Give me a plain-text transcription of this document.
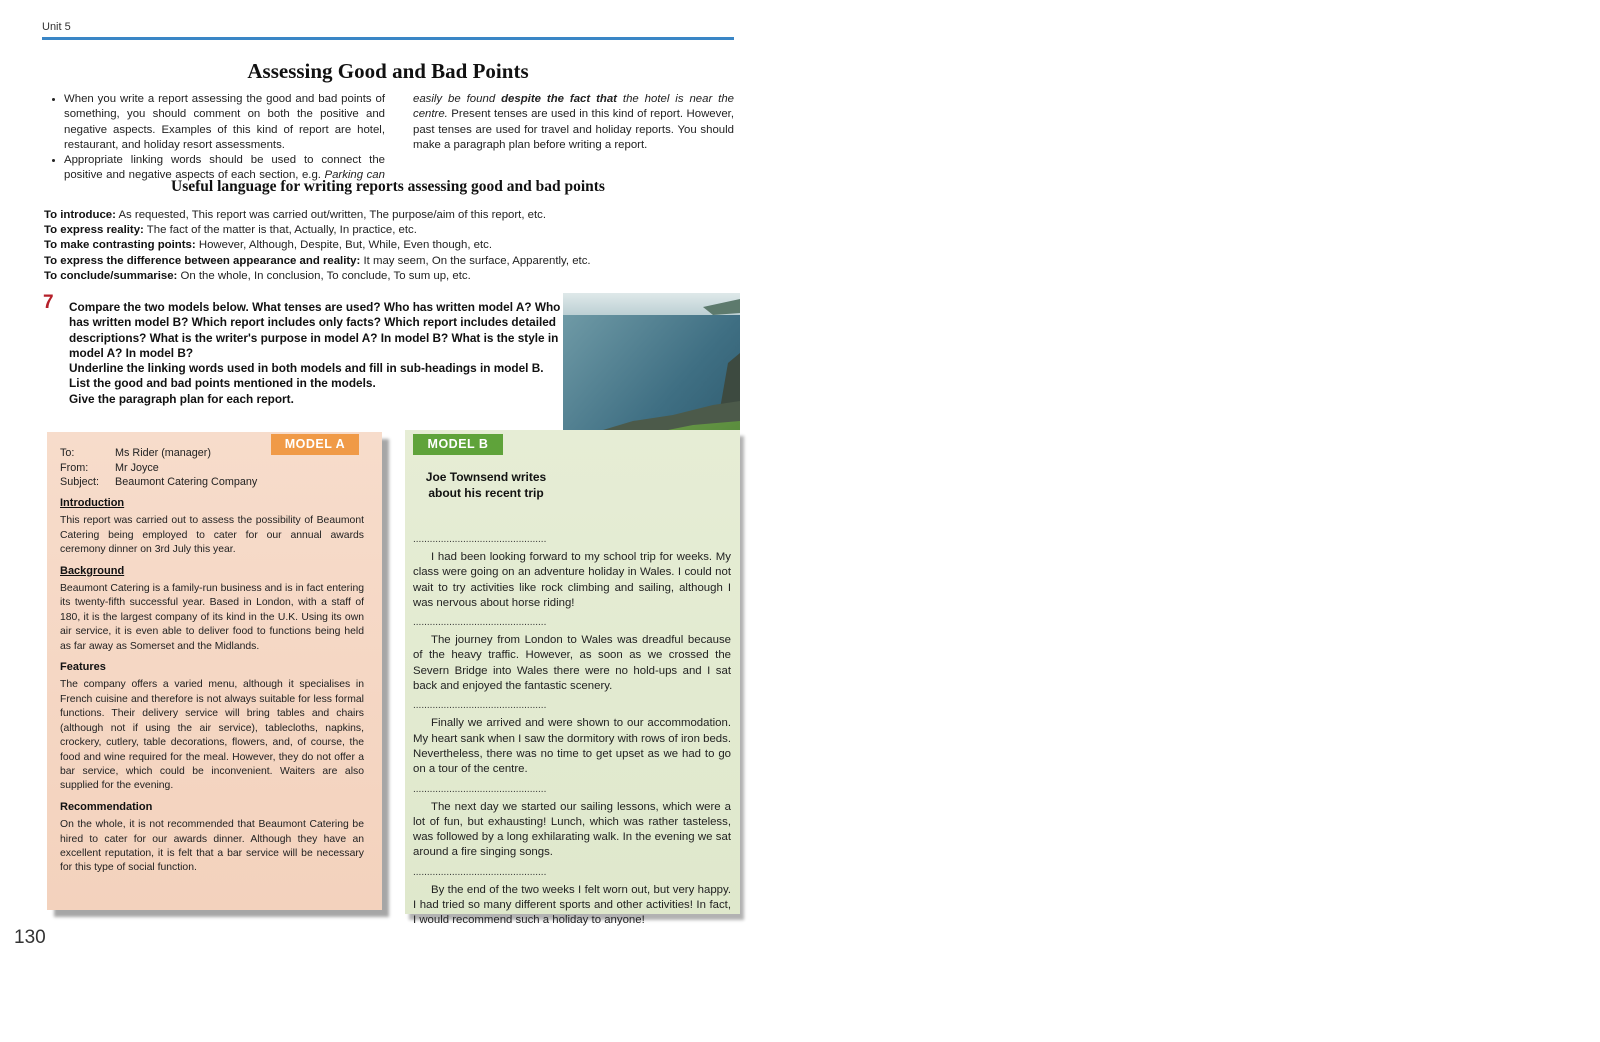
Unit 5
Assessing Good and Bad Points
• When you write a report assessing the good and bad points of something, you should comment on both the positive and negative aspects. Examples of this kind of report are hotel, restaurant, and holiday resort assessments.
• Appropriate linking words should be used to connect the positive and negative aspects of each section, e.g. Parking can easily be found despite the fact that the hotel is near the centre. Present tenses are used in this kind of report. However, past tenses are used for travel and holiday reports. You should make a paragraph plan before writing a report.
Useful language for writing reports assessing good and bad points
To introduce: As requested, This report was carried out/written, The purpose/aim of this report, etc.
To express reality: The fact of the matter is that, Actually, In practice, etc.
To make contrasting points: However, Although, Despite, But, While, Even though, etc.
To express the difference between appearance and reality: It may seem, On the surface, Apparently, etc.
To conclude/summarise: On the whole, In conclusion, To conclude, To sum up, etc.
7 Compare the two models below. What tenses are used? Who has written model A? Who has written model B? Which report includes only facts? Which report includes detailed descriptions? What is the writer's purpose in model A? In model B? What is the style in model A? In model B?

Underline the linking words used in both models and fill in sub-headings in model B. List the good and bad points mentioned in the models.

Give the paragraph plan for each report.

MODEL A
To:	Ms Rider (manager)
From:	Mr Joyce
Subject:	Beaumont Catering Company
Introduction

This report was carried out to assess the possibility of Beaumont Catering being employed to cater for our annual awards ceremony dinner on 3rd July this year.

Background

Beaumont Catering is a family-run business and is in fact entering its twenty-fifth successful year. Based in London, with a staff of 180, it is the largest company of its kind in the U.K. Using its own air service, it is even able to deliver food to functions being held as far away as Somerset and the Midlands.

Features

The company offers a varied menu, although it specialises in French cuisine and therefore is not always suitable for less formal functions. Their delivery service will bring tables and chairs (although not if using the air service), tablecloths, napkins, crockery, cutlery, table decorations, flowers, and, of course, the food and wine required for the meal. However, they do not offer a bar service, which could be inconvenient. Waiters are also supplied for the evening.

Recommendation

On the whole, it is not recommended that Beaumont Catering be hired to cater for our awards dinner. Although they have an excellent reputation, it is felt that a bar service will be necessary for this type of social function.

MODEL B
Joe Townsend writes about his recent trip
................................................

I had been looking forward to my school trip for weeks. My class were going on an adventure holiday in Wales. I could not wait to try activities like rock climbing and sailing, although I was nervous about horse riding!

................................................

The journey from London to Wales was dreadful because of the heavy traffic. However, as soon as we crossed the Severn Bridge into Wales there were no hold-ups and I sat back and enjoyed the fantastic scenery.

................................................

Finally we arrived and were shown to our accommodation. My heart sank when I saw the dormitory with rows of iron beds. Nevertheless, there was no time to get upset as we had to go on a tour of the centre.

................................................

The next day we started our sailing lessons, which were a lot of fun, but exhausting! Lunch, which was rather tasteless, was followed by a long exhilarating walk. In the evening we sat around a fire singing songs.

................................................

By the end of the two weeks I felt worn out, but very happy. I had tried so many different sports and other activities! In fact, I would recommend such a holiday to anyone!

130
